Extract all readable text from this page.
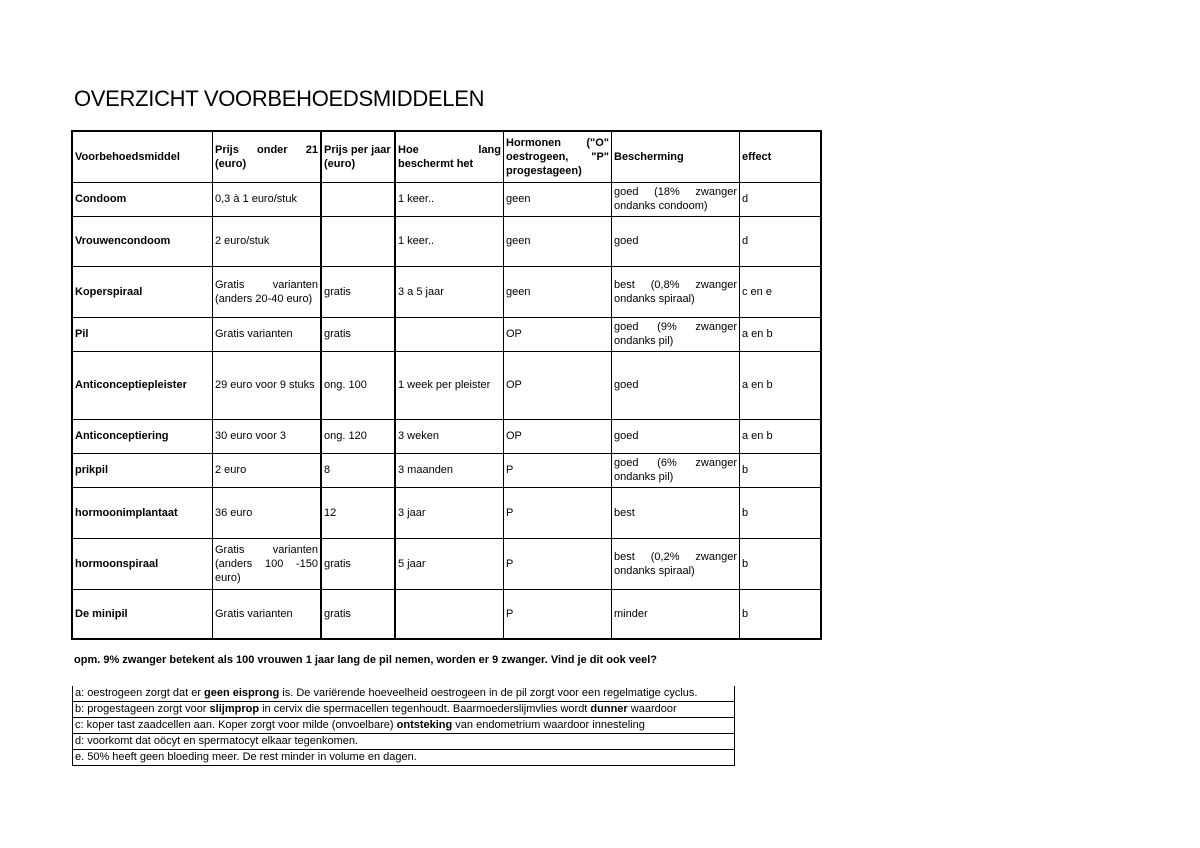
OVERZICHT VOORBEHOEDSMIDDELEN
Voorbehoedsmiddel	Prijs onder 21 (euro)	Prijs per jaar (euro)	Hoe lang beschermt het	Hormonen ("O" oestrogeen, "P" progestageen)	Bescherming	effect
Condoom	0,3 à 1 euro/stuk		1 keer..	geen	goed (18% zwanger ondanks condoom)	d
Vrouwencondoom	2 euro/stuk		1 keer..	geen	goed	d
Koperspiraal	Gratis varianten (anders 20-40 euro)	gratis	3 a 5 jaar	geen	best (0,8% zwanger ondanks spiraal)	c en e
Pil	Gratis varianten	gratis		OP	goed (9% zwanger ondanks pil)	a en b
Anticonceptiepleister	29 euro voor 9 stuks	ong. 100	1 week per pleister	OP	goed	a en b
Anticonceptiering	30 euro voor 3	ong. 120	3 weken	OP	goed	a en b
prikpil	2 euro	8	3 maanden	P	goed (6% zwanger ondanks pil)	b
hormoonimplantaat	36 euro	12	3 jaar	P	best	b
hormoonspiraal	Gratis varianten (anders 100 -150 euro)	gratis	5 jaar	P	best (0,2% zwanger ondanks spiraal)	b
De minipil	Gratis varianten	gratis		P	minder	b
opm. 9% zwanger betekent als 100 vrouwen 1 jaar lang de pil nemen, worden er 9 zwanger. Vind je dit ook veel?
a: oestrogeen zorgt dat er geen eisprong is. De variërende hoeveelheid oestrogeen in de pil zorgt voor een regelmatige cyclus.
b: progestageen zorgt voor slijmprop in cervix die spermacellen tegenhoudt. Baarmoederslijmvlies wordt dunner waardoor
c: koper tast zaadcellen aan. Koper zorgt voor milde (onvoelbare) ontsteking van endometrium waardoor innesteling
d: voorkomt dat oöcyt en spermatocyt elkaar tegenkomen.
e. 50% heeft geen bloeding meer. De rest minder in volume en dagen.
